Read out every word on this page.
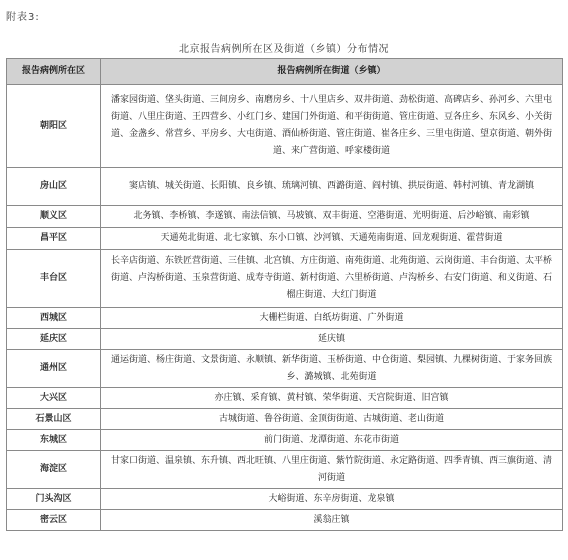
附表3:
北京报告病例所在区及街道（乡镇）分布情况
报告病例所在区	报告病例所在街道（乡镇）
朝阳区	潘家园街道、垡头街道、三间房乡、南磨房乡、十八里店乡、双井街道、劲松街道、高碑店乡、孙河乡、六里屯街道、八里庄街道、王四营乡、小红门乡、建国门外街道、和平街街道、管庄街道、豆各庄乡、东风乡、小关街道、金盏乡、常营乡、平房乡、大屯街道、酒仙桥街道、管庄街道、崔各庄乡、三里屯街道、望京街道、朝外街道、来广营街道、呼家楼街道
房山区	窦店镇、城关街道、长阳镇、良乡镇、琉璃河镇、西潞街道、阎村镇、拱辰街道、韩村河镇、青龙湖镇
顺义区	北务镇、李桥镇、李遂镇、南法信镇、马坡镇、双丰街道、空港街道、光明街道、后沙峪镇、南彩镇
昌平区	天通苑北街道、北七家镇、东小口镇、沙河镇、天通苑南街道、回龙观街道、霍营街道
丰台区	长辛店街道、东铁匠营街道、三佳镇、北宫镇、方庄街道、南苑街道、北苑街道、云岗街道、丰台街道、太平桥街道、卢沟桥街道、玉泉营街道、成寿寺街道、新村街道、六里桥街道、卢沟桥乡、右安门街道、和义街道、石榴庄街道、大红门街道
西城区	大栅栏街道、白纸坊街道、广外街道
延庆区	延庆镇
通州区	通运街道、杨庄街道、文景街道、永顺镇、新华街道、玉桥街道、中仓街道、梨园镇、九棵树街道、于家务回族乡、潞城镇、北苑街道
大兴区	亦庄镇、采育镇、黄村镇、荣华街道、天宫院街道、旧宫镇
石景山区	古城街道、鲁谷街道、金顶街街道、古城街道、老山街道
东城区	前门街道、龙潭街道、东花市街道
海淀区	甘家口街道、温泉镇、东升镇、西北旺镇、八里庄街道、紫竹院街道、永定路街道、四季青镇、西三旗街道、清河街道
门头沟区	大峪街道、东辛房街道、龙泉镇
密云区	溪翁庄镇
